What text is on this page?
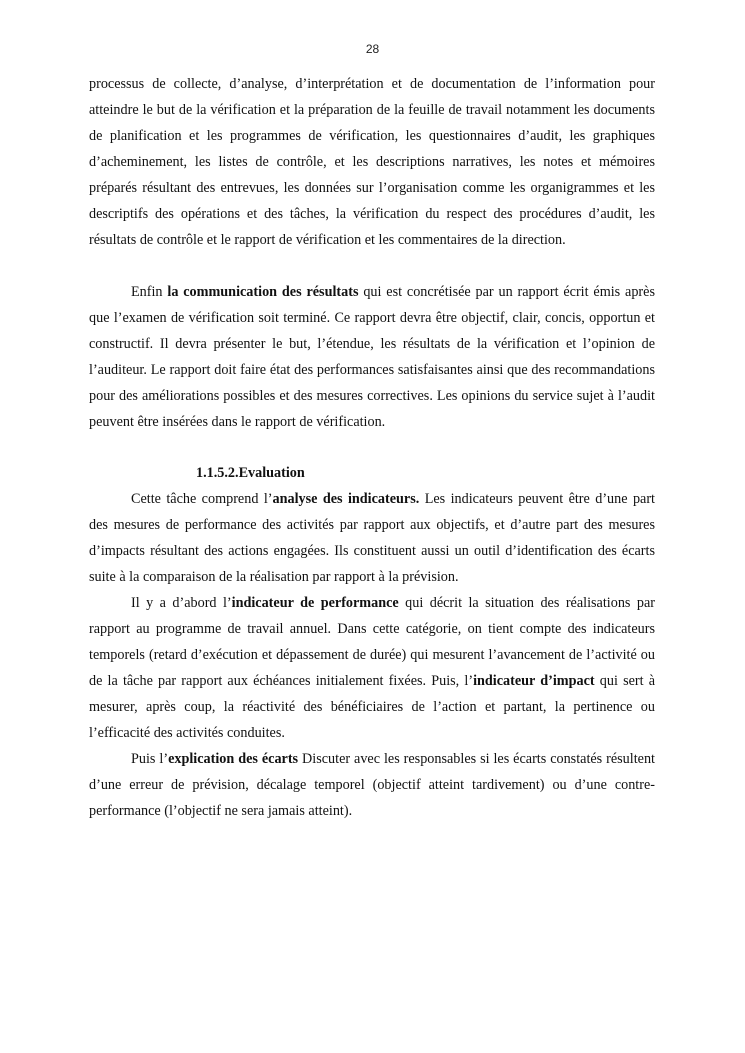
28

processus de collecte, d’analyse, d’interprétation et de documentation de l’information pour atteindre le but de la vérification et la préparation de la feuille de travail notamment les documents de planification et les programmes de vérification, les questionnaires d’audit, les graphiques d’acheminement, les listes de contrôle, et les descriptions narratives, les notes et mémoires préparés résultant des entrevues, les données sur l’organisation comme les organigrammes et les descriptifs des opérations et des tâches, la vérification du respect des procédures d’audit, les résultats de contrôle et le rapport de vérification et les commentaires de la direction.

Enfin la communication des résultats qui est concrétisée par un rapport écrit émis après que l’examen de vérification soit terminé. Ce rapport devra être objectif, clair, concis, opportun et constructif. Il devra présenter le but, l’étendue, les résultats de la vérification et l’opinion de l’auditeur. Le rapport doit faire état des performances satisfaisantes ainsi que des recommandations pour des améliorations possibles et des mesures correctives. Les opinions du service sujet à l’audit peuvent être insérées dans le rapport de vérification.

1.1.5.2.Evaluation

Cette tâche comprend l’analyse des indicateurs. Les indicateurs peuvent être d’une part des mesures de performance des activités par rapport aux objectifs, et d’autre part des mesures d’impacts résultant des actions engagées. Ils constituent aussi un outil d’identification des écarts suite à la comparaison de la réalisation par rapport à la prévision.

Il y a d’abord l’indicateur de performance qui décrit la situation des réalisations par rapport au programme de travail annuel. Dans cette catégorie, on tient compte des indicateurs temporels (retard d’exécution et dépassement de durée) qui mesurent l’avancement de l’activité ou de la tâche par rapport aux échéances initialement fixées. Puis, l’indicateur d’impact qui sert à mesurer, après coup, la réactivité des bénéficiaires de l’action et partant, la pertinence ou l’efficacité des activités conduites.

Puis l’explication des écarts Discuter avec les responsables si les écarts constatés résultent d’une erreur de prévision, décalage temporel (objectif atteint tardivement) ou d’une contre-performance (l’objectif ne sera jamais atteint).
